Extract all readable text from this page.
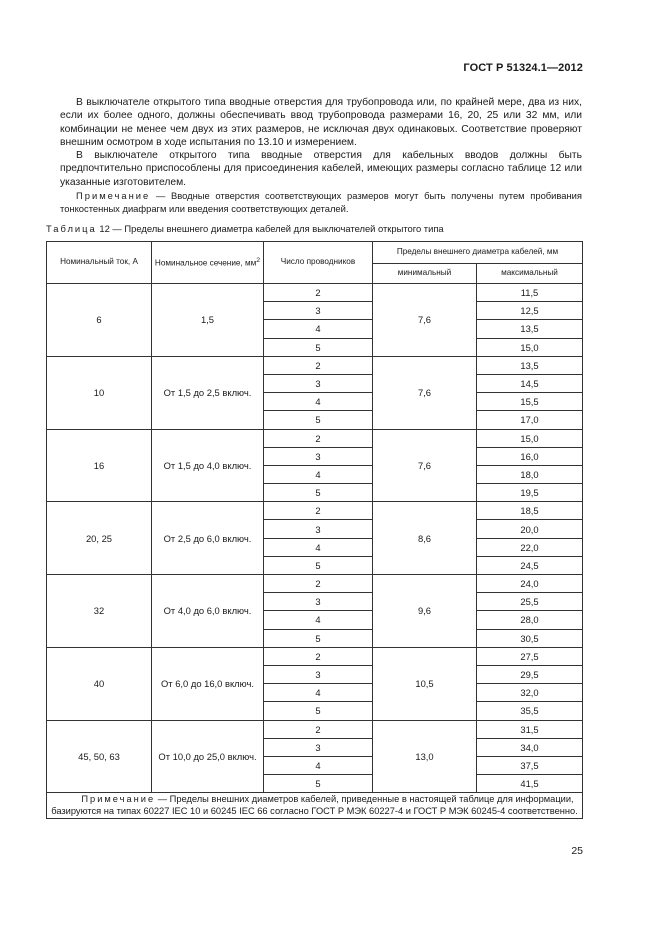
ГОСТ Р 51324.1—2012

В выключателе открытого типа вводные отверстия для трубопровода или, по крайней мере, два из них, если их более одного, должны обеспечивать ввод трубопровода размерами 16, 20, 25 или 32 мм, или комбинации не менее чем двух из этих размеров, не исключая двух одинаковых. Соответствие проверяют внешним осмотром в ходе испытания по 13.10 и измерением.

В выключателе открытого типа вводные отверстия для кабельных вводов должны быть предпочтительно приспособлены для присоединения кабелей, имеющих размеры согласно таблице 12 или указанные изготовителем.

Примечание — Вводные отверстия соответствующих размеров могут быть получены путем пробивания тонкостенных диафрагм или введения соответствующих деталей.

Таблица 12 — Пределы внешнего диаметра кабелей для выключателей открытого типа
Номинальный ток, А	Номинальное сечение, $мм^2$	Число проводников	Пределы внешнего диаметра кабелей, мм	
			минимальный	максимальный
6	1,5	2	7,6	11,5
		3		12,5
		4		13,5
		5		15,0
10	От 1,5 до 2,5 включ.	2	7,6	13,5
		3		14,5
		4		15,5
		5		17,0
16	От 1,5 до 4,0 включ.	2	7,6	15,0
		3		16,0
		4		18,0
		5		19,5
20, 25	От 2,5 до 6,0 включ.	2	8,6	18,5
		3		20,0
		4		22,0
		5		24,5
32	От 4,0 до 6,0 включ.	2	9,6	24,0
		3		25,5
		4		28,0
		5		30,5
40	От 6,0 до 16,0 включ.	2	10,5	27,5
		3		29,5
		4		32,0
		5		35,5
45, 50, 63	От 10,0 до 25,0 включ.	2	13,0	31,5
		3		34,0
		4		37,5
		5		41,5
Примечание — Пределы внешних диаметров кабелей, приведенные в настоящей таблице для информации, базируются на типах 60227 IEC 10 и 60245 IEC 66 согласно ГОСТ Р МЭК 60227-4 и ГОСТ Р МЭК 60245-4 соответственно.				
25
